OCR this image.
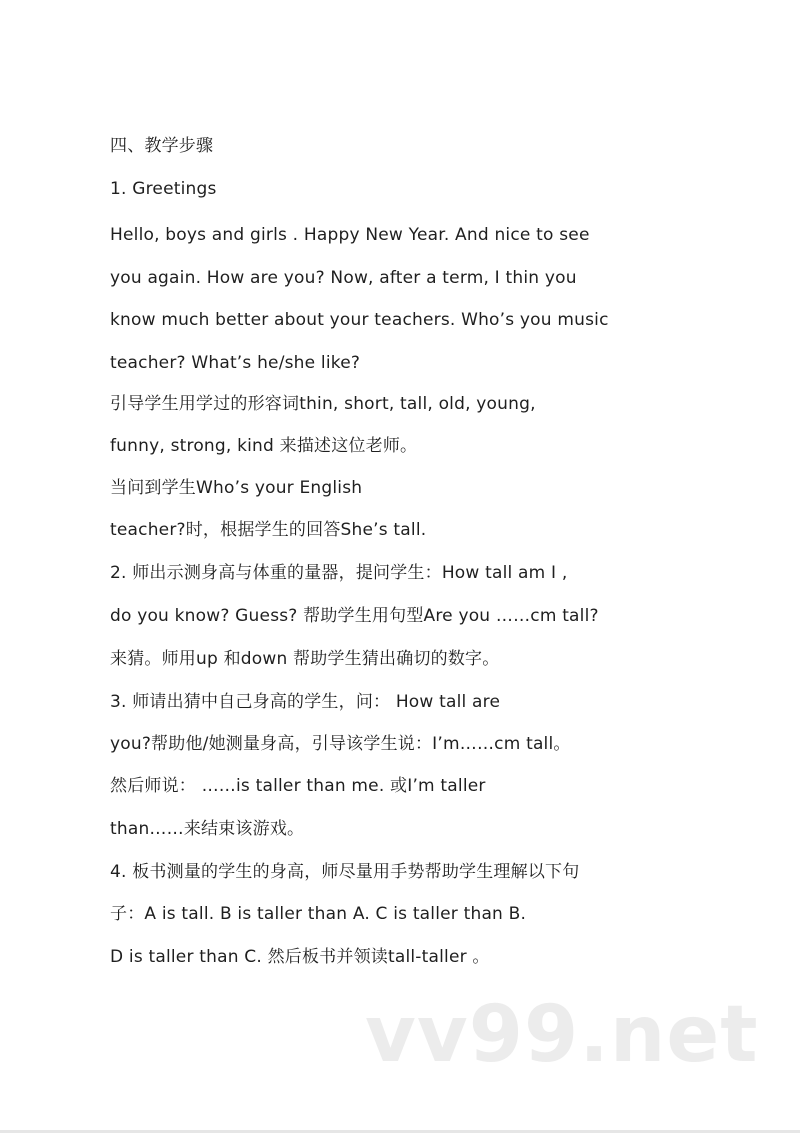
四、教学步骤
1. Greetings
Hello, boys and girls . Happy New Year. And nice to see
you again. How are you? Now, after a term, I thin you
know much better about your teachers. Who’s you music
teacher? What’s he/she like?
引导学生用学过的形容词thin, short, tall, old, young,
funny, strong, kind 来描述这位老师。
当问到学生Who’s your English
teacher?时，根据学生的回答She’s tall.
2. 师出示测身高与体重的量器，提问学生：How tall am I ,
do you know? Guess? 帮助学生用句型Are you ……cm tall?
来猜。师用up 和down 帮助学生猜出确切的数字。
3. 师请出猜中自己身高的学生，问： How tall are
you?帮助他/她测量身高，引导该学生说：I’m……cm tall。
然后师说： ……is taller than me. 或I’m taller
than……来结束该游戏。
4. 板书测量的学生的身高，师尽量用手势帮助学生理解以下句
子：A is tall. B is taller than A. C is taller than B.
D is taller than C. 然后板书并领读tall-taller 。
vv99.net
